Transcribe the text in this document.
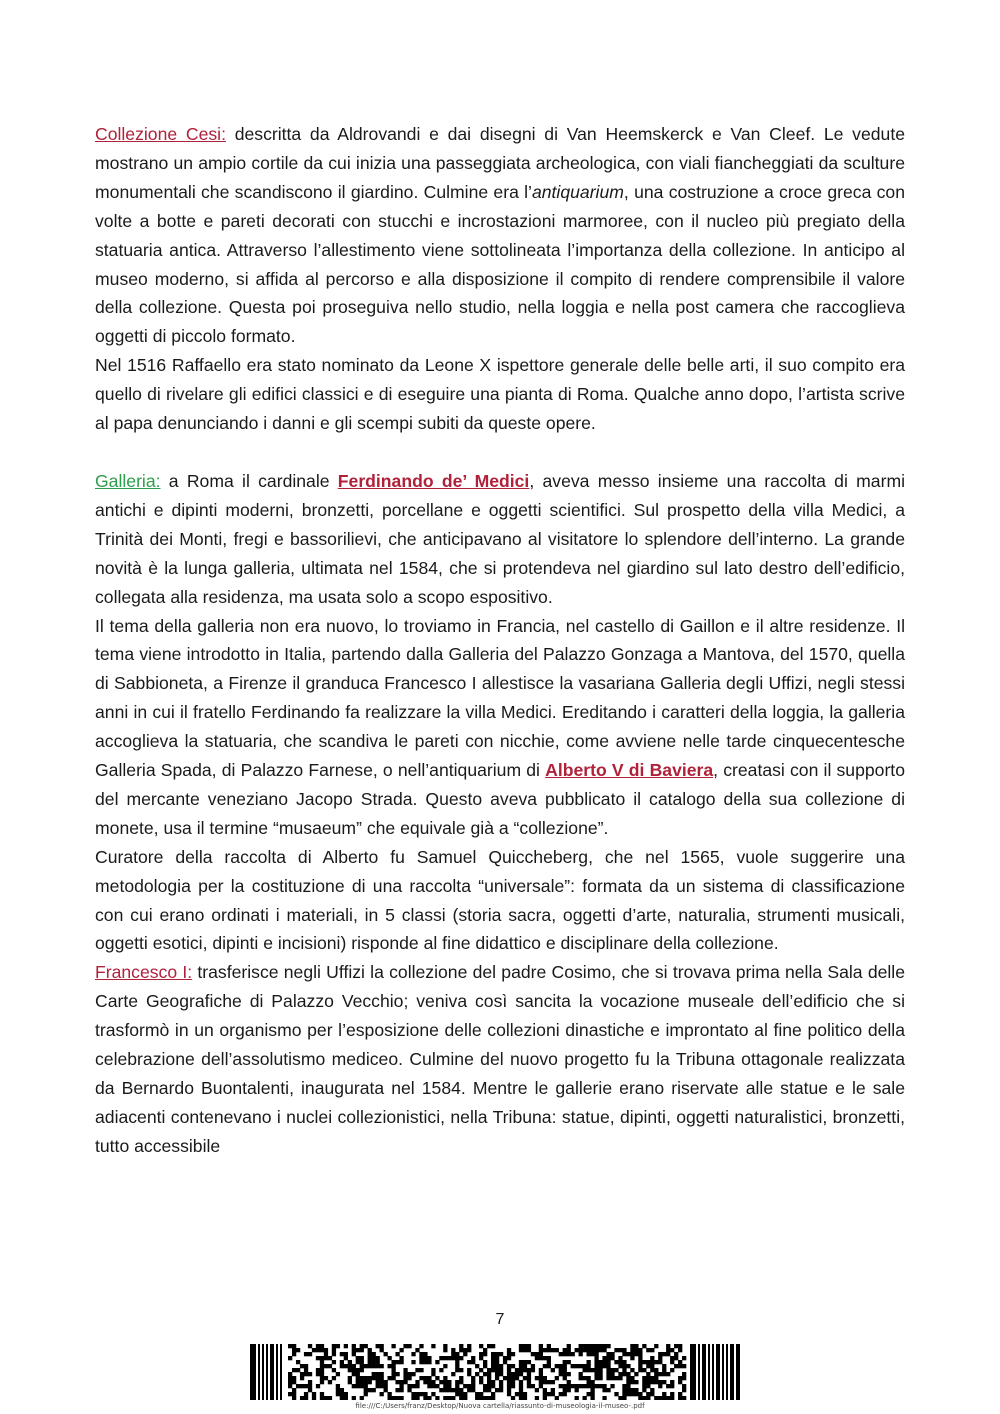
Collezione Cesi: descritta da Aldrovandi e dai disegni di Van Heemskerck e Van Cleef. Le vedute mostrano un ampio cortile da cui inizia una passeggiata archeologica, con viali fiancheggiati da sculture monumentali che scandiscono il giardino. Culmine era l’antiquarium, una costruzione a croce greca con volte a botte e pareti decorati con stucchi e incrostazioni marmoree, con il nucleo più pregiato della statuaria antica. Attraverso l’allestimento viene sottolineata l’importanza della collezione. In anticipo al museo moderno, si affida al percorso e alla disposizione il compito di rendere comprensibile il valore della collezione. Questa poi proseguiva nello studio, nella loggia e nella post camera che raccoglieva oggetti di piccolo formato.

Nel 1516 Raffaello era stato nominato da Leone X ispettore generale delle belle arti, il suo compito era quello di rivelare gli edifici classici e di eseguire una pianta di Roma. Qualche anno dopo, l’artista scrive al papa denunciando i danni e gli scempi subiti da queste opere.

Galleria: a Roma il cardinale Ferdinando de’ Medici, aveva messo insieme una raccolta di marmi antichi e dipinti moderni, bronzetti, porcellane e oggetti scientifici. Sul prospetto della villa Medici, a Trinità dei Monti, fregi e bassorilievi, che anticipavano al visitatore lo splendore dell’interno. La grande novità è la lunga galleria, ultimata nel 1584, che si protendeva nel giardino sul lato destro dell’edificio, collegata alla residenza, ma usata solo a scopo espositivo.

Il tema della galleria non era nuovo, lo troviamo in Francia, nel castello di Gaillon e il altre residenze. Il tema viene introdotto in Italia, partendo dalla Galleria del Palazzo Gonzaga a Mantova, del 1570, quella di Sabbioneta, a Firenze il granduca Francesco I allestisce la vasariana Galleria degli Uffizi, negli stessi anni in cui il fratello Ferdinando fa realizzare la villa Medici. Ereditando i caratteri della loggia, la galleria accoglieva la statuaria, che scandiva le pareti con nicchie, come avviene nelle tarde cinquecentesche Galleria Spada, di Palazzo Farnese, o nell’antiquarium di Alberto V di Baviera, creatasi con il supporto del mercante veneziano Jacopo Strada. Questo aveva pubblicato il catalogo della sua collezione di monete, usa il termine “musaeum” che equivale già a “collezione”.

Curatore della raccolta di Alberto fu Samuel Quiccheberg, che nel 1565, vuole suggerire una metodologia per la costituzione di una raccolta “universale”: formata da un sistema di classificazione con cui erano ordinati i materiali, in 5 classi (storia sacra, oggetti d’arte, naturalia, strumenti musicali, oggetti esotici, dipinti e incisioni) risponde al fine didattico e disciplinare della collezione.

Francesco I: trasferisce negli Uffizi la collezione del padre Cosimo, che si trovava prima nella Sala delle Carte Geografiche di Palazzo Vecchio; veniva così sancita la vocazione museale dell’edificio che si trasformò in un organismo per l’esposizione delle collezioni dinastiche e improntato al fine politico della celebrazione dell’assolutismo mediceo. Culmine del nuovo progetto fu la Tribuna ottagonale realizzata da Bernardo Buontalenti, inaugurata nel 1584. Mentre le gallerie erano riservate alle statue e le sale adiacenti contenevano i nuclei collezionistici, nella Tribuna: statue, dipinti, oggetti naturalistici, bronzetti, tutto accessibile

7
file:///C:/Users/franz/Desktop/Nuova cartella/riassunto-di-museologia-il-museo-.pdf
